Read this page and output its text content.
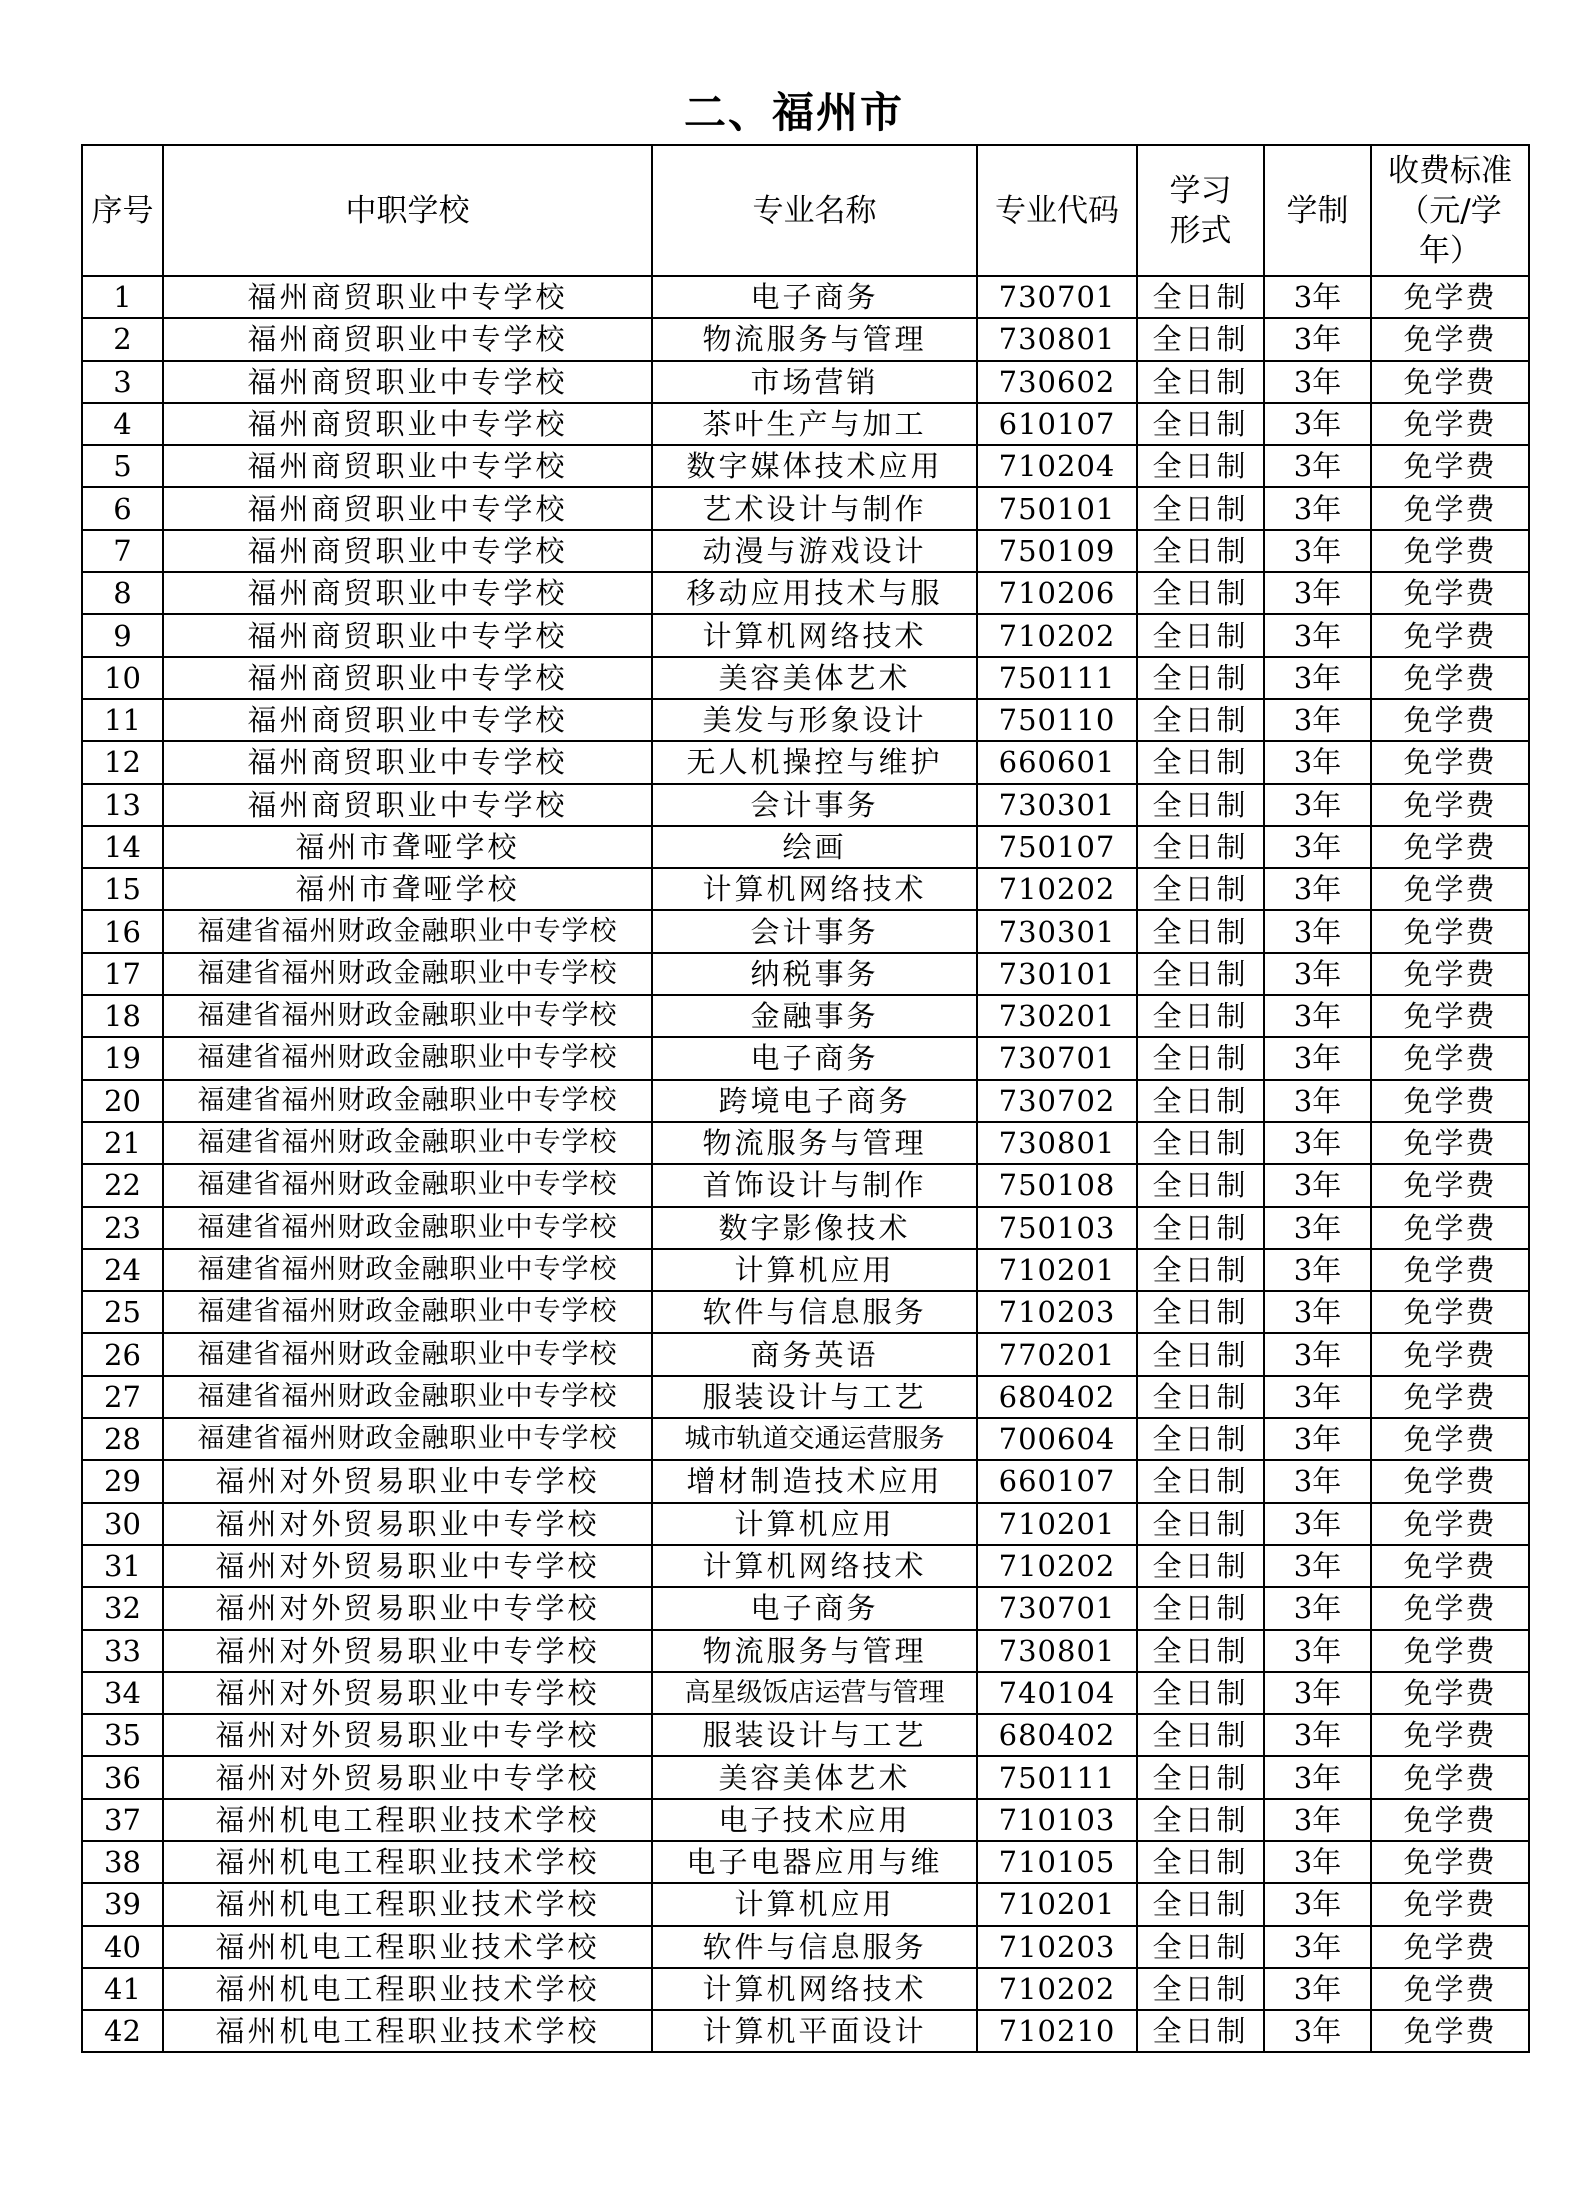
二、福州市
序号	中职学校	专业名称	专业代码	学习形式	学制	收费标准（元/学年）
1	福州商贸职业中专学校	电子商务	730701	全日制	3年	免学费
2	福州商贸职业中专学校	物流服务与管理	730801	全日制	3年	免学费
3	福州商贸职业中专学校	市场营销	730602	全日制	3年	免学费
4	福州商贸职业中专学校	茶叶生产与加工	610107	全日制	3年	免学费
5	福州商贸职业中专学校	数字媒体技术应用	710204	全日制	3年	免学费
6	福州商贸职业中专学校	艺术设计与制作	750101	全日制	3年	免学费
7	福州商贸职业中专学校	动漫与游戏设计	750109	全日制	3年	免学费
8	福州商贸职业中专学校	移动应用技术与服	710206	全日制	3年	免学费
9	福州商贸职业中专学校	计算机网络技术	710202	全日制	3年	免学费
10	福州商贸职业中专学校	美容美体艺术	750111	全日制	3年	免学费
11	福州商贸职业中专学校	美发与形象设计	750110	全日制	3年	免学费
12	福州商贸职业中专学校	无人机操控与维护	660601	全日制	3年	免学费
13	福州商贸职业中专学校	会计事务	730301	全日制	3年	免学费
14	福州市聋哑学校	绘画	750107	全日制	3年	免学费
15	福州市聋哑学校	计算机网络技术	710202	全日制	3年	免学费
16	福建省福州财政金融职业中专学校	会计事务	730301	全日制	3年	免学费
17	福建省福州财政金融职业中专学校	纳税事务	730101	全日制	3年	免学费
18	福建省福州财政金融职业中专学校	金融事务	730201	全日制	3年	免学费
19	福建省福州财政金融职业中专学校	电子商务	730701	全日制	3年	免学费
20	福建省福州财政金融职业中专学校	跨境电子商务	730702	全日制	3年	免学费
21	福建省福州财政金融职业中专学校	物流服务与管理	730801	全日制	3年	免学费
22	福建省福州财政金融职业中专学校	首饰设计与制作	750108	全日制	3年	免学费
23	福建省福州财政金融职业中专学校	数字影像技术	750103	全日制	3年	免学费
24	福建省福州财政金融职业中专学校	计算机应用	710201	全日制	3年	免学费
25	福建省福州财政金融职业中专学校	软件与信息服务	710203	全日制	3年	免学费
26	福建省福州财政金融职业中专学校	商务英语	770201	全日制	3年	免学费
27	福建省福州财政金融职业中专学校	服装设计与工艺	680402	全日制	3年	免学费
28	福建省福州财政金融职业中专学校	城市轨道交通运营服务	700604	全日制	3年	免学费
29	福州对外贸易职业中专学校	增材制造技术应用	660107	全日制	3年	免学费
30	福州对外贸易职业中专学校	计算机应用	710201	全日制	3年	免学费
31	福州对外贸易职业中专学校	计算机网络技术	710202	全日制	3年	免学费
32	福州对外贸易职业中专学校	电子商务	730701	全日制	3年	免学费
33	福州对外贸易职业中专学校	物流服务与管理	730801	全日制	3年	免学费
34	福州对外贸易职业中专学校	高星级饭店运营与管理	740104	全日制	3年	免学费
35	福州对外贸易职业中专学校	服装设计与工艺	680402	全日制	3年	免学费
36	福州对外贸易职业中专学校	美容美体艺术	750111	全日制	3年	免学费
37	福州机电工程职业技术学校	电子技术应用	710103	全日制	3年	免学费
38	福州机电工程职业技术学校	电子电器应用与维	710105	全日制	3年	免学费
39	福州机电工程职业技术学校	计算机应用	710201	全日制	3年	免学费
40	福州机电工程职业技术学校	软件与信息服务	710203	全日制	3年	免学费
41	福州机电工程职业技术学校	计算机网络技术	710202	全日制	3年	免学费
42	福州机电工程职业技术学校	计算机平面设计	710210	全日制	3年	免学费
